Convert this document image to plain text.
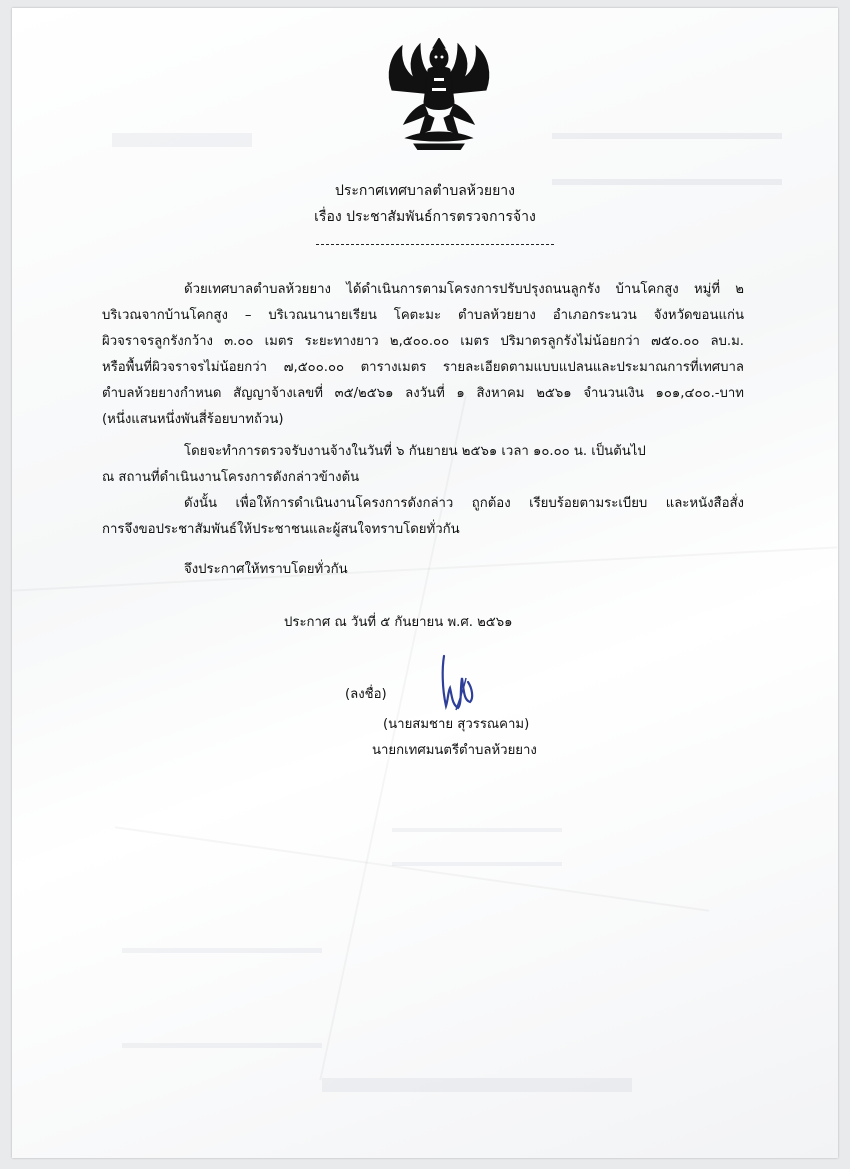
ประกาศเทศบาลตำบลห้วยยาง
เรื่อง ประชาสัมพันธ์การตรวจการจ้าง
ด้วยเทศบาลตำบลห้วยยาง ได้ดำเนินการตามโครงการปรับปรุงถนนลูกรัง บ้านโคกสูง หมู่ที่ ๒
บริเวณจากบ้านโคกสูง – บริเวณนานายเรียน โคตะมะ ตำบลห้วยยาง อำเภอกระนวน จังหวัดขอนแก่น
ผิวจราจรลูกรังกว้าง ๓.๐๐ เมตร ระยะทางยาว ๒,๕๐๐.๐๐ เมตร ปริมาตรลูกรังไม่น้อยกว่า ๗๕๐.๐๐ ลบ.ม.
หรือพื้นที่ผิวจราจรไม่น้อยกว่า ๗,๕๐๐.๐๐ ตารางเมตร รายละเอียดตามแบบแปลนและประมาณการที่เทศบาล
ตำบลห้วยยางกำหนด สัญญาจ้างเลขที่ ๓๕/๒๕๖๑ ลงวันที่ ๑ สิงหาคม ๒๕๖๑ จำนวนเงิน ๑๐๑,๔๐๐.-บาท
(หนึ่งแสนหนึ่งพันสี่ร้อยบาทถ้วน)
โดยจะทำการตรวจรับงานจ้างในวันที่ ๖ กันยายน ๒๕๖๑ เวลา ๑๐.๐๐ น. เป็นต้นไป
ณ สถานที่ดำเนินงานโครงการดังกล่าวข้างต้น
ดังนั้น เพื่อให้การดำเนินงานโครงการดังกล่าว ถูกต้อง เรียบร้อยตามระเบียบ และหนังสือสั่ง
การจึงขอประชาสัมพันธ์ให้ประชาชนและผู้สนใจทราบโดยทั่วกัน
จึงประกาศให้ทราบโดยทั่วกัน
ประกาศ ณ วันที่ ๕ กันยายน พ.ศ. ๒๕๖๑
(ลงชื่อ)
(นายสมชาย สุวรรณคาม)
นายกเทศมนตรีตำบลห้วยยาง
